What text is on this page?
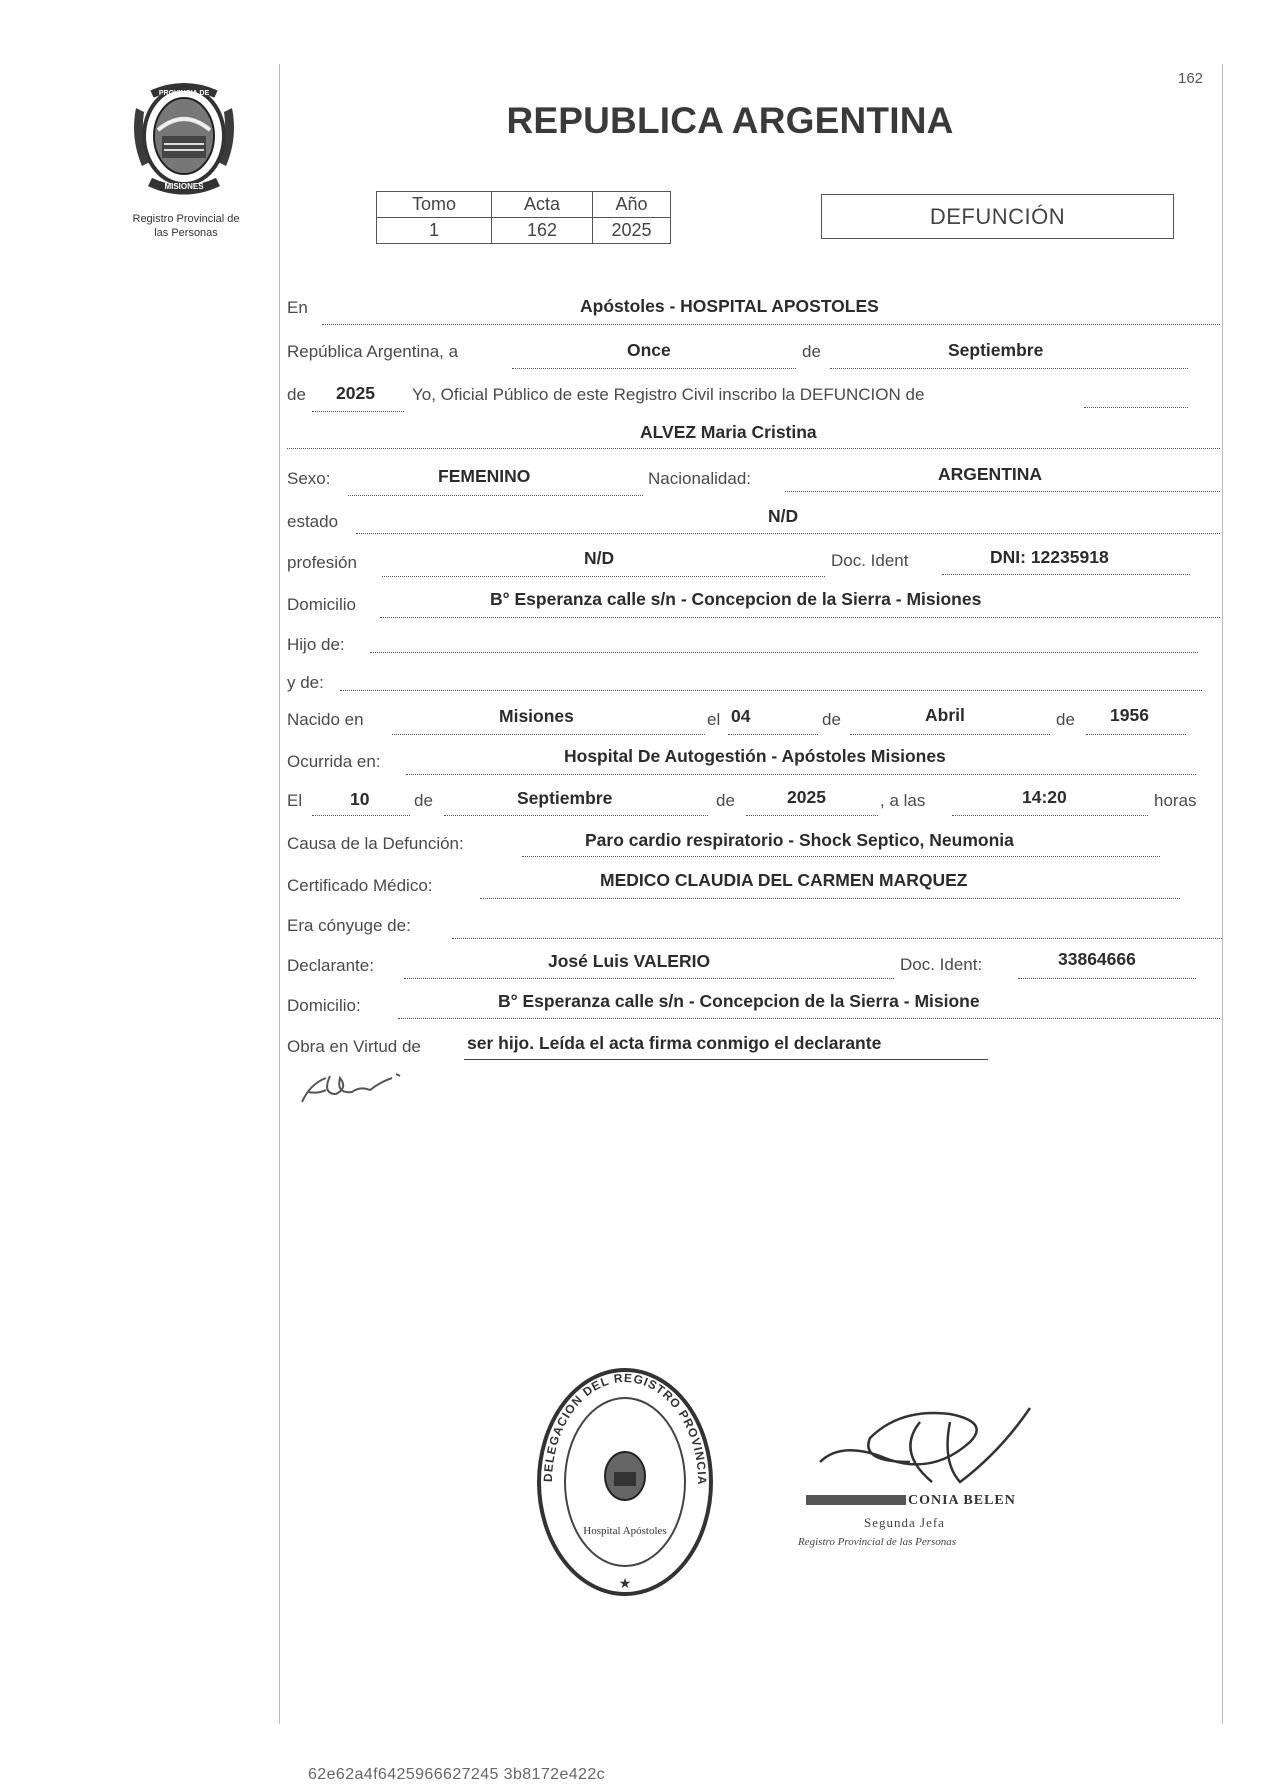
PROVINCIA DE
MISIONES
Registro Provincial de
las Personas
162
REPUBLICA ARGENTINA
Tomo	Acta	Año
1	162	2025
DEFUNCIÓN
En	Apóstoles - HOSPITAL APOSTOLES
República Argentina, a	Once	de	Septiembre
de 2025 Yo, Oficial Público de este Registro Civil inscribo la DEFUNCION de
ALVEZ Maria Cristina
Sexo:	FEMENINO	Nacionalidad:	ARGENTINA
estado	N/D
profesión	N/D	Doc. Ident	DNI: 12235918
Domicilio	B° Esperanza calle s/n - Concepcion de la Sierra - Misiones
Hijo de:
y de:
Nacido en	Misiones	el 04	de	Abril	de 1956
Ocurrida en:	Hospital De Autogestión - Apóstoles Misiones
El	10	de	Septiembre	de	2025	, a las	14:20	horas
Causa de la Defunción:	Paro cardio respiratorio - Shock Septico, Neumonia
Certificado Médico:	MEDICO CLAUDIA DEL CARMEN MARQUEZ
Era cónyuge de:
Declarante:	José Luis VALERIO	Doc. Ident:	33864666
Domicilio:	B° Esperanza calle s/n - Concepcion de la Sierra - Misione
Obra en Virtud de	ser hijo. Leída el acta firma conmigo el declarante
DELEGACION DEL REGISTRO PROVINCIA
Hospital Apóstoles
★
CONIA BELEN
Segunda Jefa
Registro Provincial de las Personas
62e62a4f6425966627245 3b8172e422c
